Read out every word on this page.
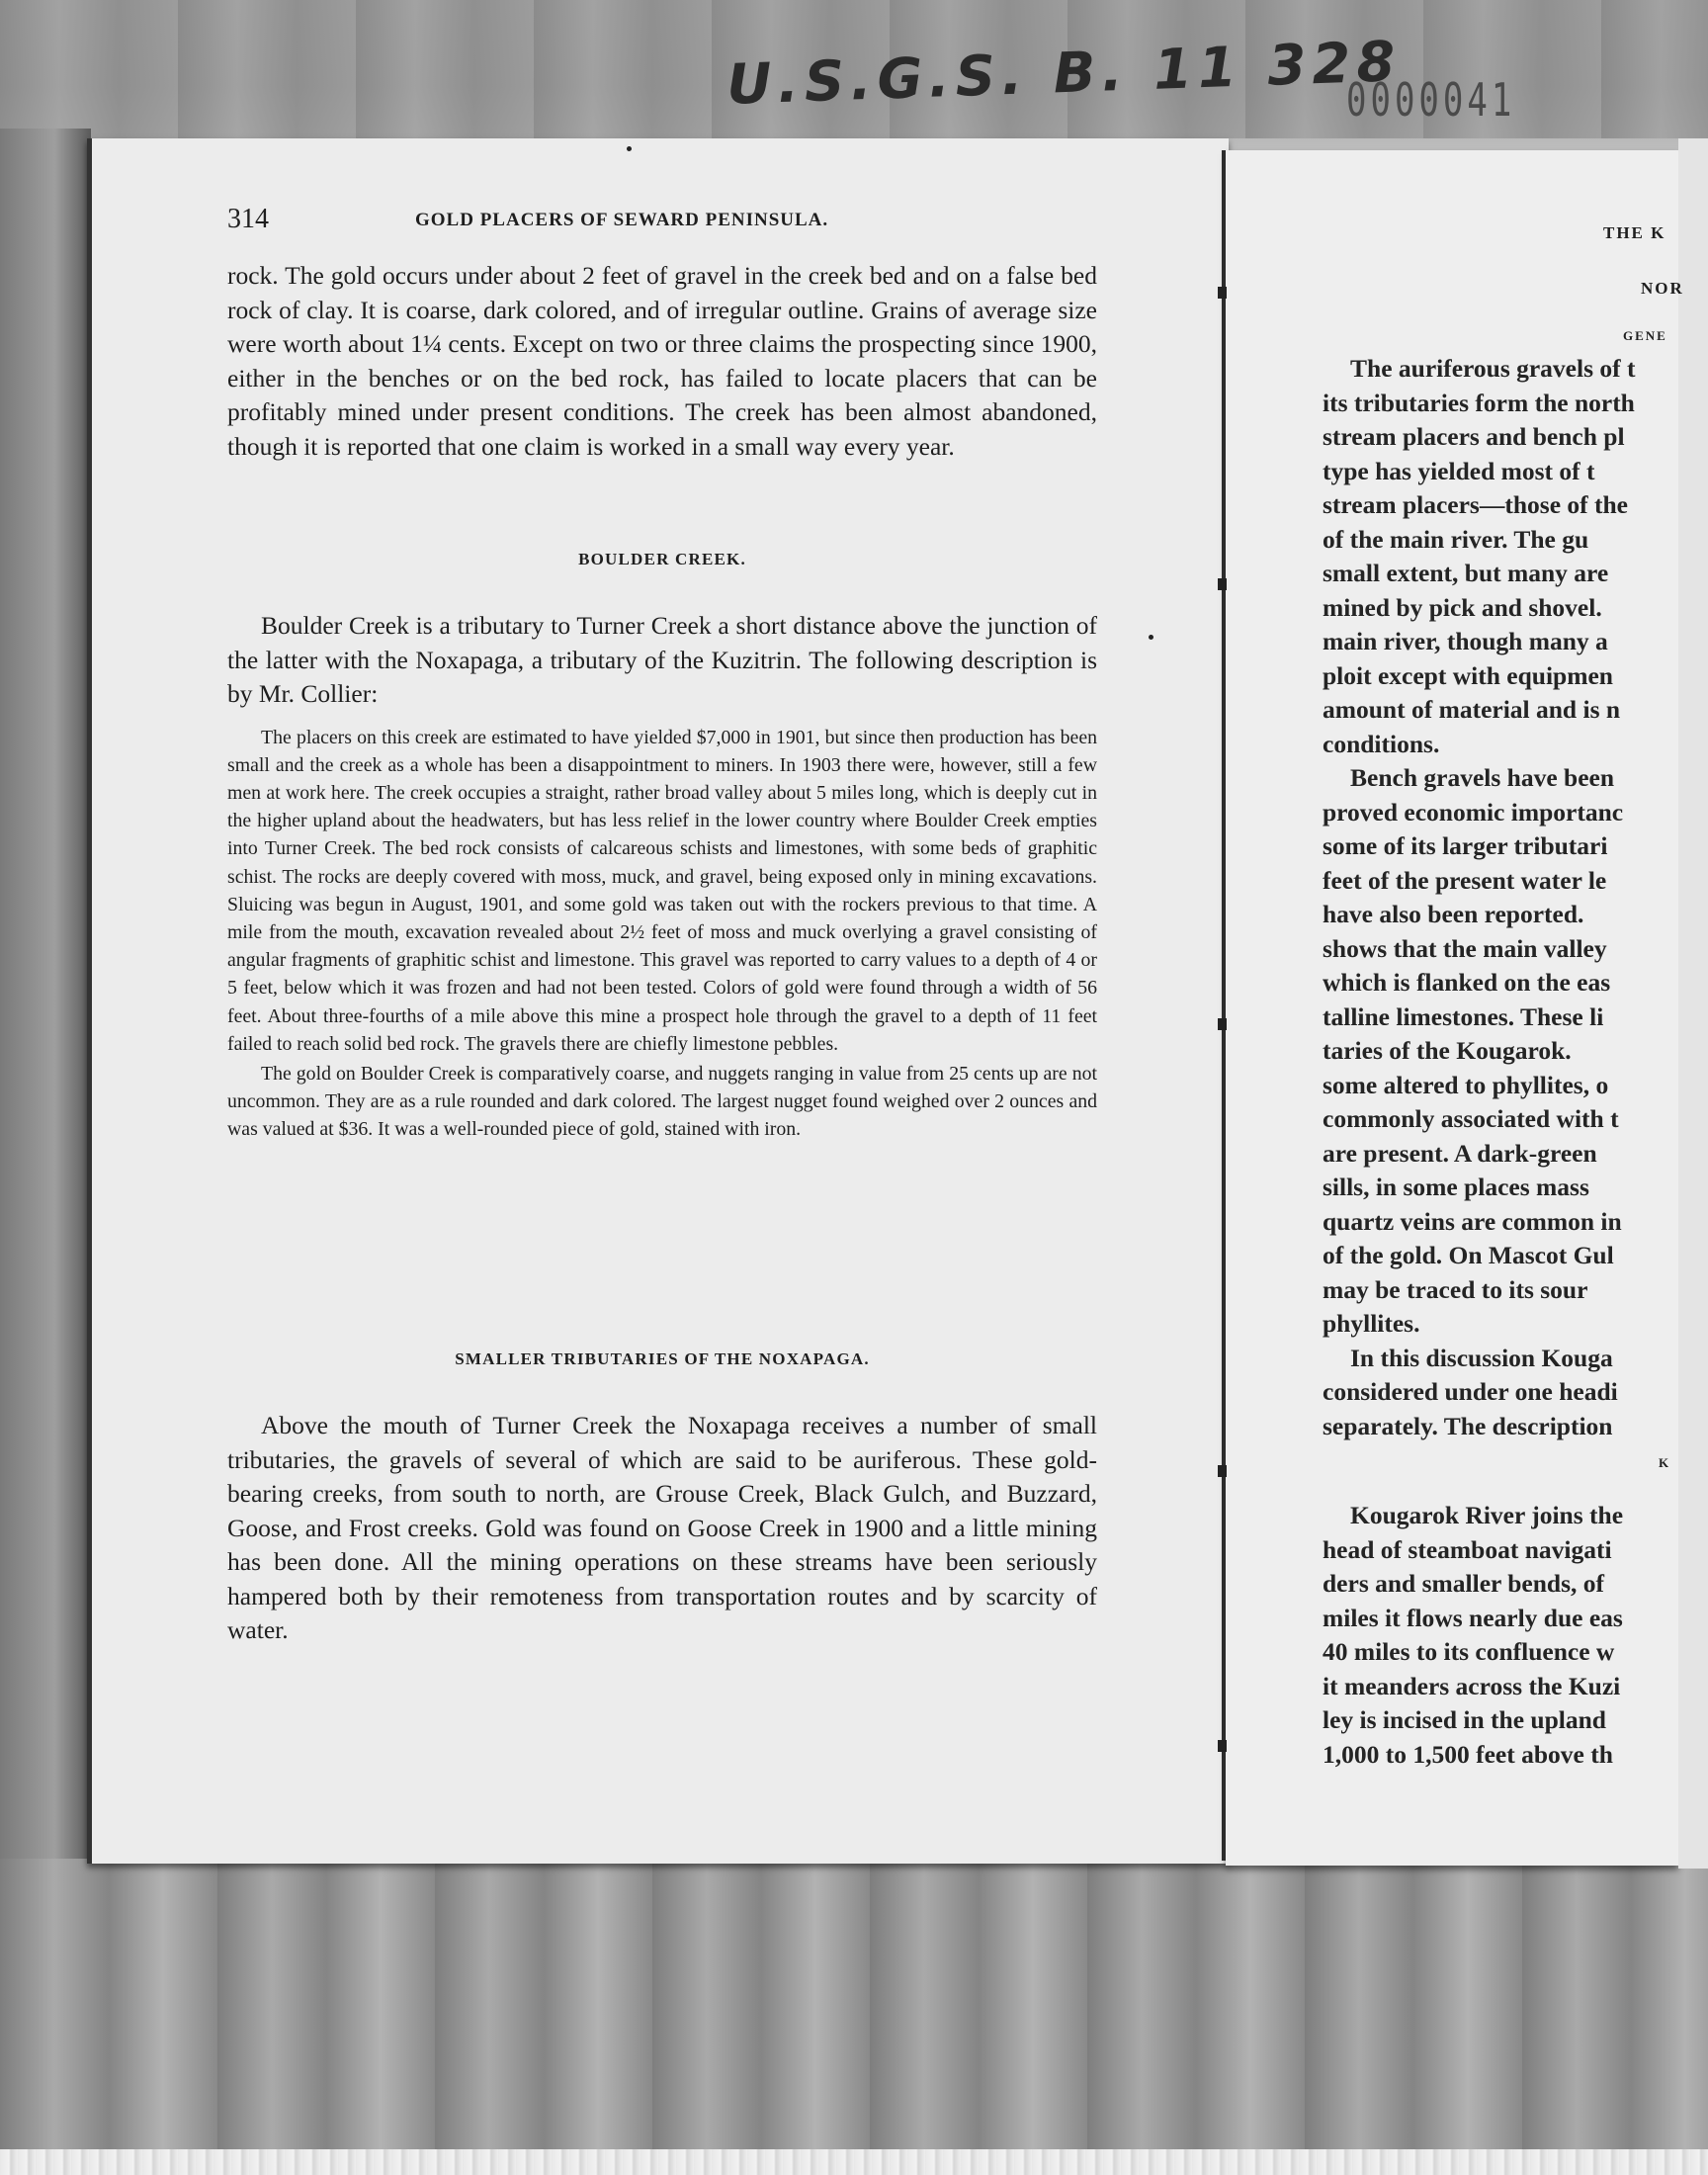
U.S.G.S. B. 11 328
0000041
314	GOLD PLACERS OF SEWARD PENINSULA.

rock. The gold occurs under about 2 feet of gravel in the creek bed and on a false bed rock of clay. It is coarse, dark colored, and of irregular outline. Grains of average size were worth about 1¼ cents. Except on two or three claims the prospecting since 1900, either in the benches or on the bed rock, has failed to locate placers that can be profitably mined under present conditions. The creek has been almost abandoned, though it is reported that one claim is worked in a small way every year.

BOULDER CREEK.

Boulder Creek is a tributary to Turner Creek a short distance above the junction of the latter with the Noxapaga, a tributary of the Kuzitrin. The following description is by Mr. Collier:

The placers on this creek are estimated to have yielded $7,000 in 1901, but since then production has been small and the creek as a whole has been a disappointment to miners. In 1903 there were, however, still a few men at work here. The creek occupies a straight, rather broad valley about 5 miles long, which is deeply cut in the higher upland about the headwaters, but has less relief in the lower country where Boulder Creek empties into Turner Creek. The bed rock consists of calcareous schists and limestones, with some beds of graphitic schist. The rocks are deeply covered with moss, muck, and gravel, being exposed only in mining excavations. Sluicing was begun in August, 1901, and some gold was taken out with the rockers previous to that time. A mile from the mouth, excavation revealed about 2½ feet of moss and muck overlying a gravel consisting of angular fragments of graphitic schist and limestone. This gravel was reported to carry values to a depth of 4 or 5 feet, below which it was frozen and had not been tested. Colors of gold were found through a width of 56 feet. About three-fourths of a mile above this mine a prospect hole through the gravel to a depth of 11 feet failed to reach solid bed rock. The gravels there are chiefly limestone pebbles.

The gold on Boulder Creek is comparatively coarse, and nuggets ranging in value from 25 cents up are not uncommon. They are as a rule rounded and dark colored. The largest nugget found weighed over 2 ounces and was valued at $36. It was a well-rounded piece of gold, stained with iron.

SMALLER TRIBUTARIES OF THE NOXAPAGA.

Above the mouth of Turner Creek the Noxapaga receives a number of small tributaries, the gravels of several of which are said to be auriferous. These gold-bearing creeks, from south to north, are Grouse Creek, Black Gulch, and Buzzard, Goose, and Frost creeks. Gold was found on Goose Creek in 1900 and a little mining has been done. All the mining operations on these streams have been seriously hampered both by their remoteness from transportation routes and by scarcity of water.

THE K
NOR
GENE

The auriferous gravels of t

its tributaries form the north

stream placers and bench pl

type has yielded most of t

stream placers—those of the

of the main river. The gu

small extent, but many are

mined by pick and shovel.

main river, though many a

ploit except with equipmen

amount of material and is n

conditions.

Bench gravels have been

proved economic importanc

some of its larger tributari

feet of the present water le

have also been reported.

shows that the main valley

which is flanked on the eas

talline limestones. These li

taries of the Kougarok.

some altered to phyllites, o

commonly associated with t

are present. A dark-green

sills, in some places mass

quartz veins are common in

of the gold. On Mascot Gul

may be traced to its sour

phyllites.

In this discussion Kouga

considered under one headi

separately. The description

K

Kougarok River joins the

head of steamboat navigati

ders and smaller bends, of

miles it flows nearly due eas

40 miles to its confluence w

it meanders across the Kuzi

ley is incised in the upland

1,000 to 1,500 feet above th
